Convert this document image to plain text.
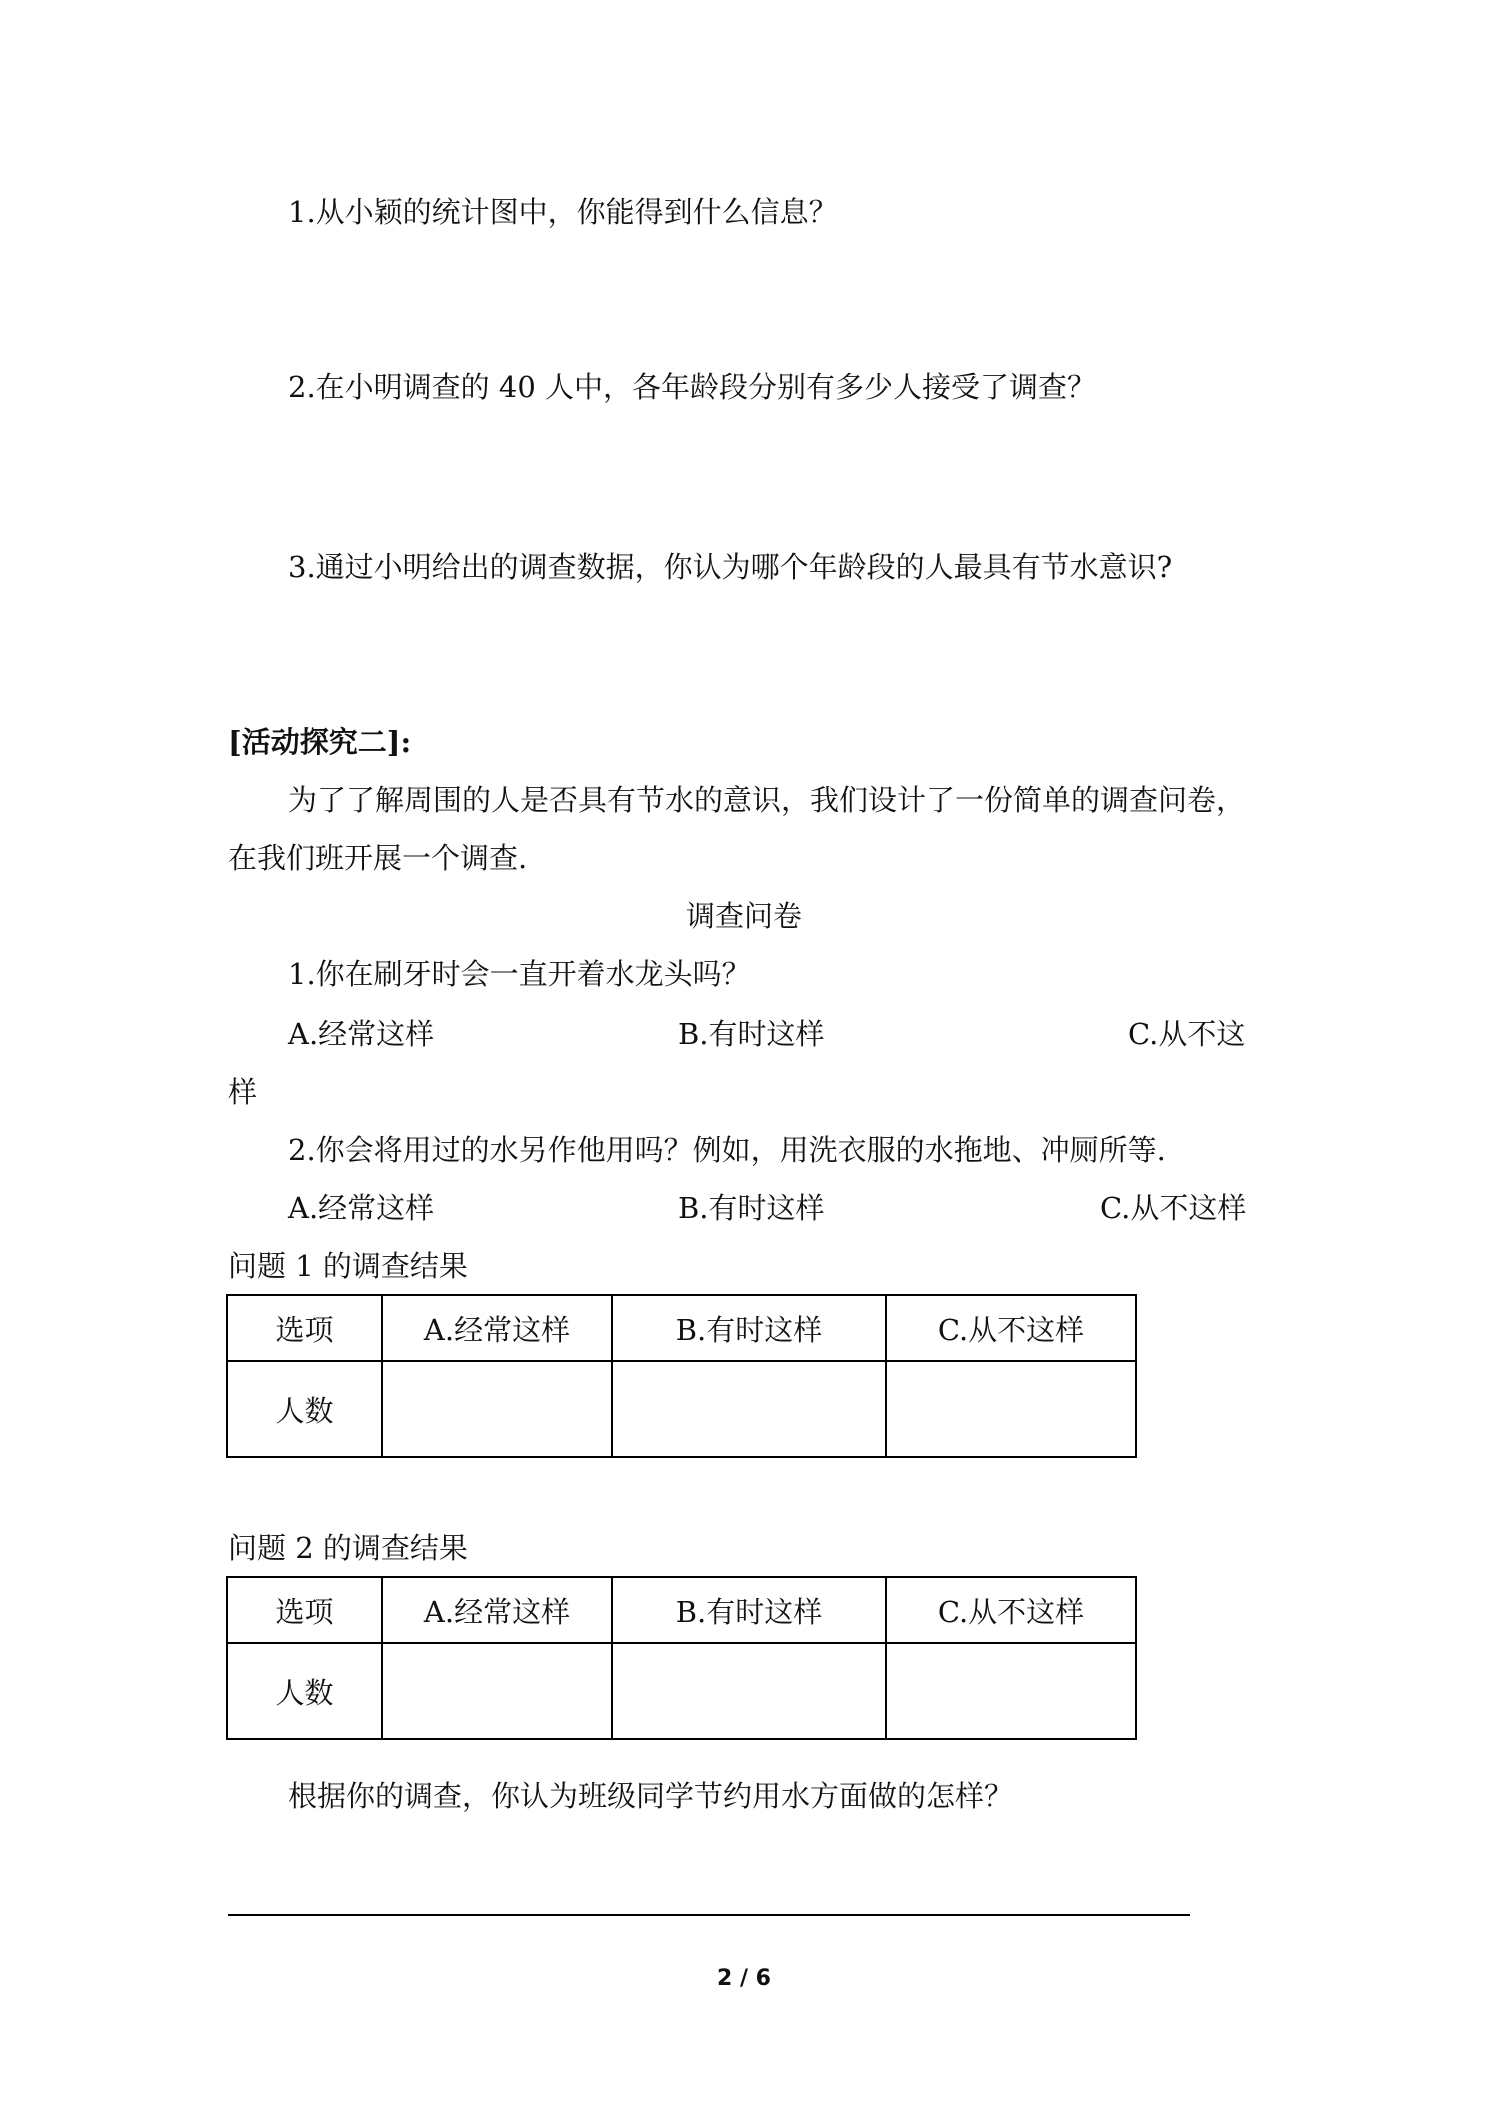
1.从小颖的统计图中，你能得到什么信息？
2.在小明调查的 40 人中，各年龄段分别有多少人接受了调查？
3.通过小明给出的调查数据，你认为哪个年龄段的人最具有节水意识?
[活动探究二]:
为了了解周围的人是否具有节水的意识，我们设计了一份简单的调查问卷，
在我们班开展一个调查.
调查问卷
1.你在刷牙时会一直开着水龙头吗？
A.经常这样	B.有时这样	C.从不这
样
2.你会将用过的水另作他用吗？例如，用洗衣服的水拖地、冲厕所等.
A.经常这样	B.有时这样	C.从不这样
问题 1 的调查结果
选项	A.经常这样	B.有时这样	C.从不这样
人数			
问题 2 的调查结果
选项	A.经常这样	B.有时这样	C.从不这样
人数			
根据你的调查，你认为班级同学节约用水方面做的怎样？
2 / 6
